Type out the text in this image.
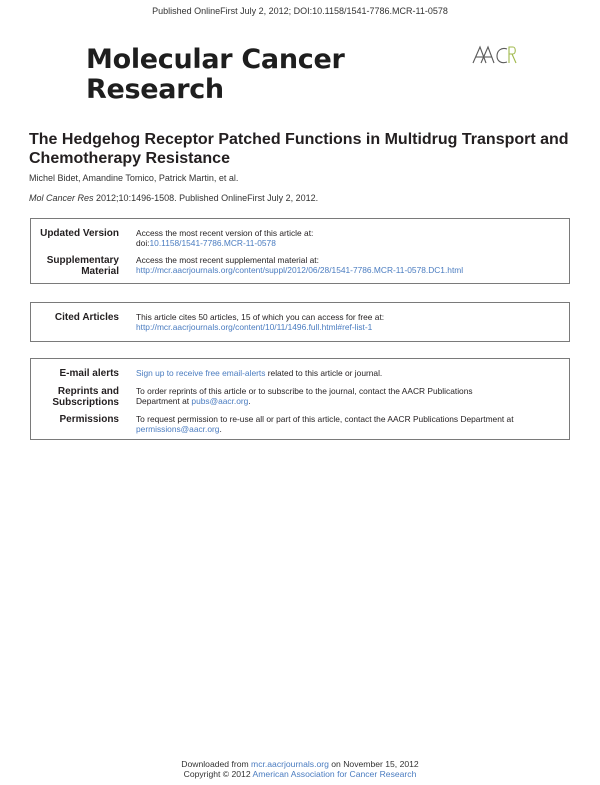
Published OnlineFirst July 2, 2012; DOI:10.1158/1541-7786.MCR-11-0578
Molecular Cancer
Research
The Hedgehog Receptor Patched Functions in Multidrug Transport and Chemotherapy Resistance
Michel Bidet, Amandine Tomico, Patrick Martin, et al.
Mol Cancer Res 2012;10:1496-1508. Published OnlineFirst July 2, 2012.
Updated Version Access the most recent version of this article at:
doi:10.1158/1541-7786.MCR-11-0578
Supplementary
Material
Access the most recent supplemental material at:
http://mcr.aacrjournals.org/content/suppl/2012/06/28/1541-7786.MCR-11-0578.DC1.html
Cited Articles This article cites 50 articles, 15 of which you can access for free at:
http://mcr.aacrjournals.org/content/10/11/1496.full.html#ref-list-1
E-mail alerts Sign up to receive free email-alerts related to this article or journal.
Reprints and
Subscriptions
To order reprints of this article or to subscribe to the journal, contact the AACR Publications
Department at pubs@aacr.org.
Permissions To request permission to re-use all or part of this article, contact the AACR Publications Department at
permissions@aacr.org.
Downloaded from mcr.aacrjournals.org on November 15, 2012
Copyright © 2012 American Association for Cancer Research
